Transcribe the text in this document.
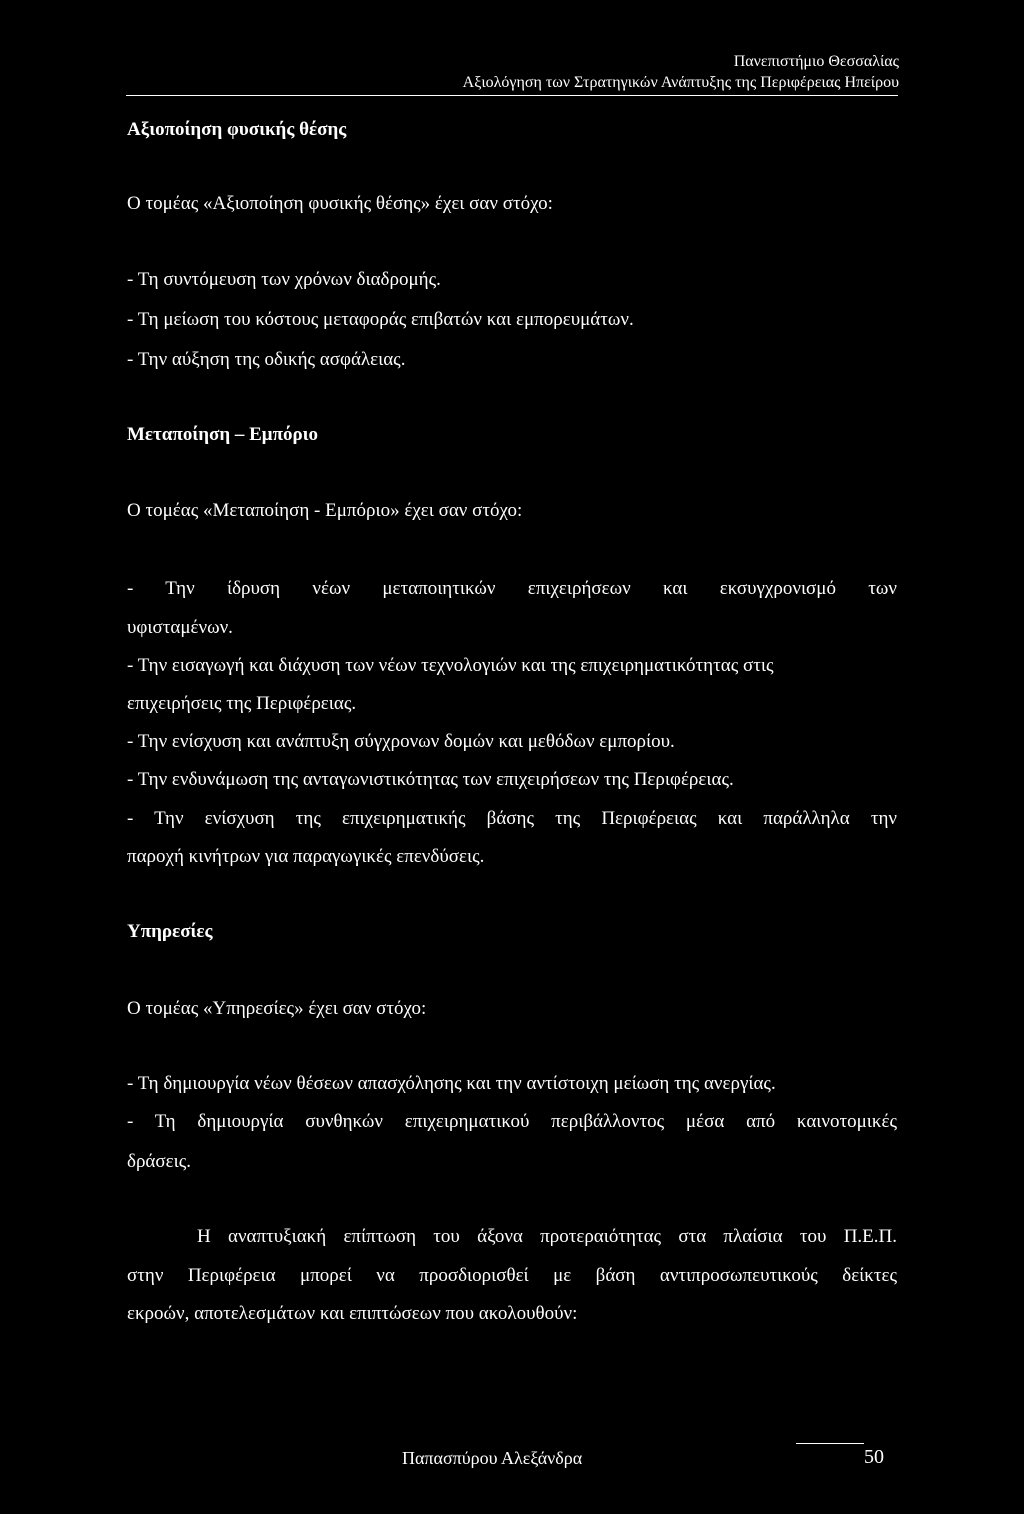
Πανεπιστήμιο Θεσσαλίας
Αξιολόγηση των Στρατηγικών Ανάπτυξης της Περιφέρειας Ηπείρου
Αξιοποίηση φυσικής θέσης
Ο τομέας «Αξιοποίηση φυσικής θέσης» έχει σαν στόχο:
- Τη συντόμευση των χρόνων διαδρομής.
- Τη μείωση του κόστους μεταφοράς επιβατών και εμπορευμάτων.
- Την αύξηση της οδικής ασφάλειας.
Μεταποίηση – Εμπόριο
Ο τομέας «Μεταποίηση - Εμπόριο» έχει σαν στόχο:
- Την ίδρυση νέων μεταποιητικών επιχειρήσεων και εκσυγχρονισμό των
υφισταμένων.
- Την εισαγωγή και διάχυση των νέων τεχνολογιών και της επιχειρηματικότητας στις
επιχειρήσεις της Περιφέρειας.
- Την ενίσχυση και ανάπτυξη σύγχρονων δομών και μεθόδων εμπορίου.
- Την ενδυνάμωση της ανταγωνιστικότητας των επιχειρήσεων της Περιφέρειας.
- Την ενίσχυση της επιχειρηματικής βάσης της Περιφέρειας και παράλληλα την
παροχή κινήτρων για παραγωγικές επενδύσεις.
Υπηρεσίες
Ο τομέας «Υπηρεσίες» έχει σαν στόχο:
- Τη δημιουργία νέων θέσεων απασχόλησης και την αντίστοιχη μείωση της ανεργίας.
- Τη δημιουργία συνθηκών επιχειρηματικού περιβάλλοντος μέσα από καινοτομικές
δράσεις.
Η αναπτυξιακή επίπτωση του άξονα προτεραιότητας στα πλαίσια του Π.Ε.Π.
στην Περιφέρεια μπορεί να προσδιορισθεί με βάση αντιπροσωπευτικούς δείκτες
εκροών, αποτελεσμάτων και επιπτώσεων που ακολουθούν:
Παπασπύρου Αλεξάνδρα	50
